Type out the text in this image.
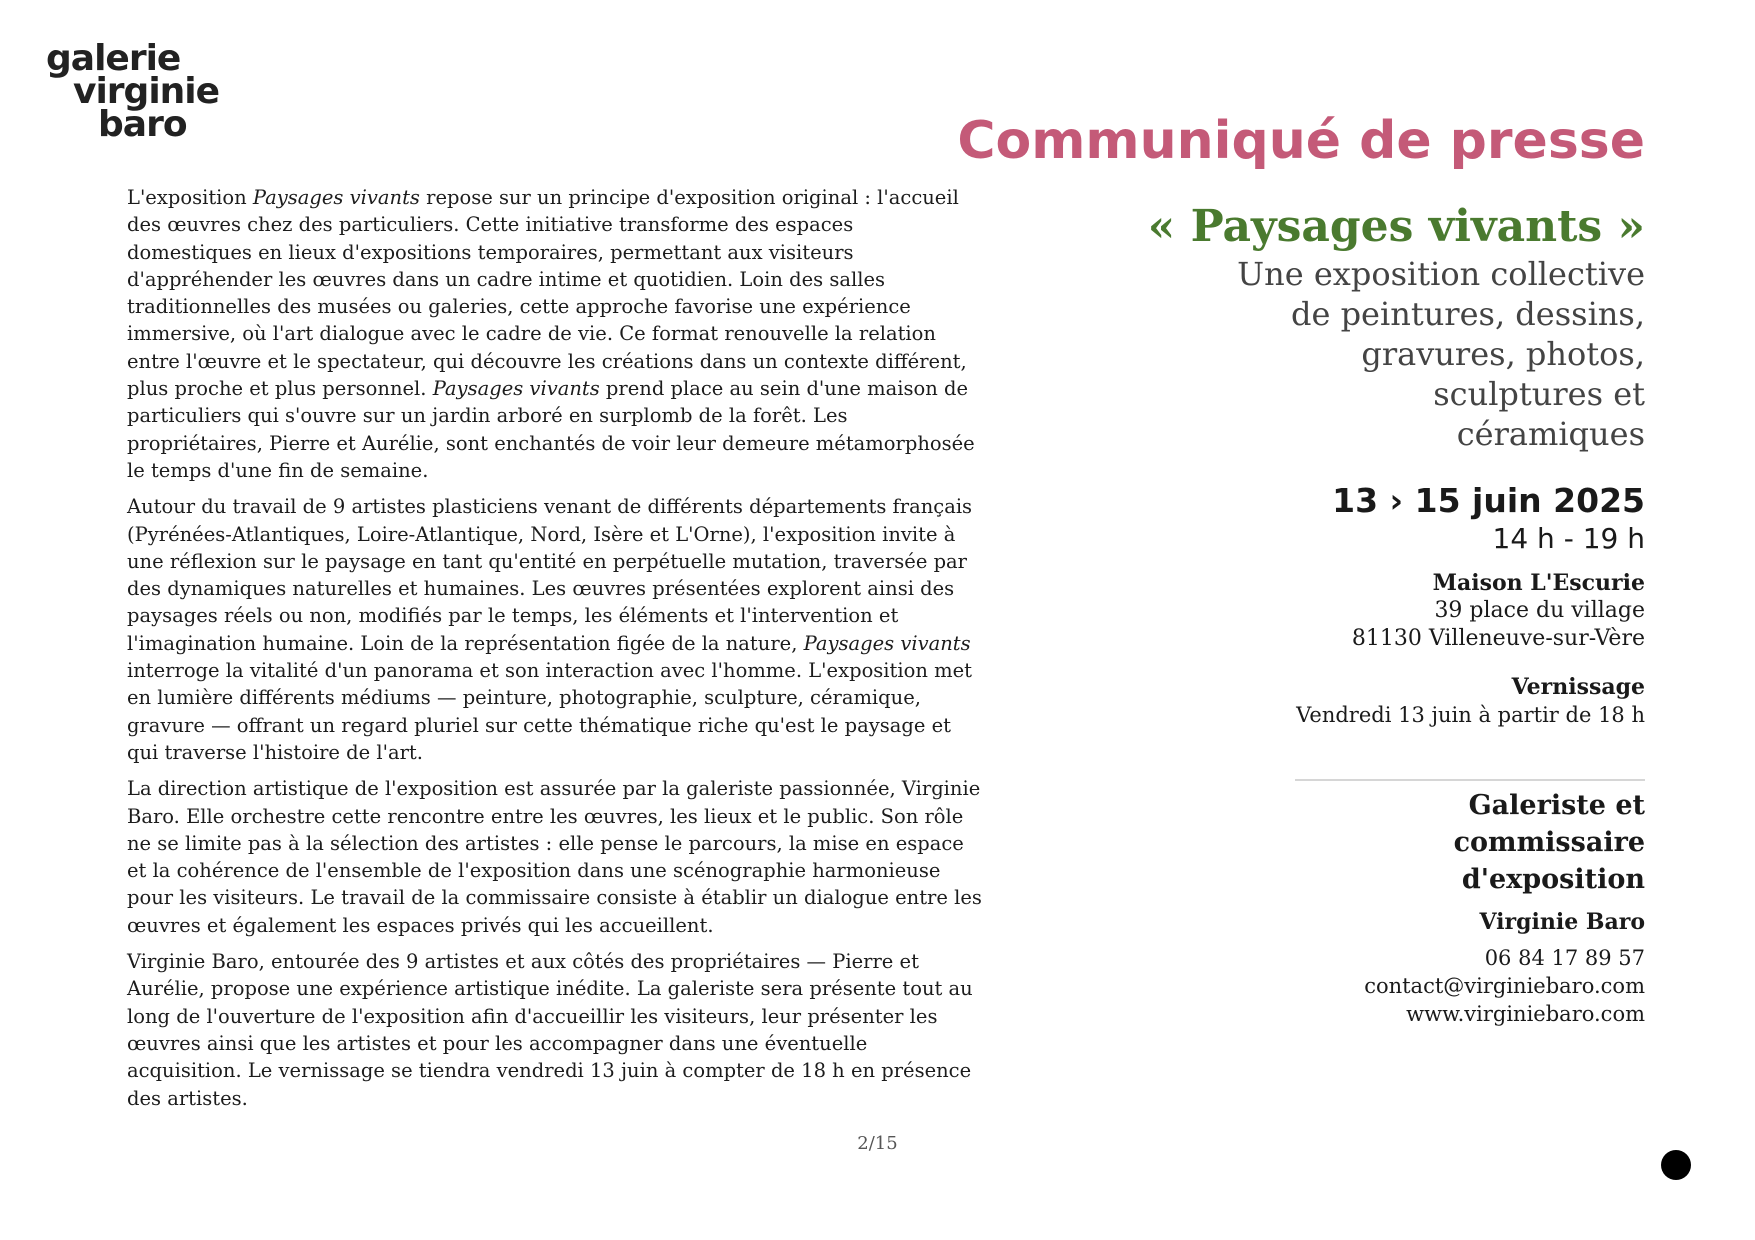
galerie
virginie
baro

L'exposition Paysages vivants repose sur un principe d'exposition original : l'accueil des œuvres chez des particuliers. Cette initiative transforme des espaces domestiques en lieux d'expositions temporaires, permettant aux visiteurs d'appréhender les œuvres dans un cadre intime et quotidien. Loin des salles traditionnelles des musées ou galeries, cette approche favorise une expérience immersive, où l'art dialogue avec le cadre de vie. Ce format renouvelle la relation entre l'œuvre et le spectateur, qui découvre les créations dans un contexte différent, plus proche et plus personnel. Paysages vivants prend place au sein d'une maison de particuliers qui s'ouvre sur un jardin arboré en surplomb de la forêt. Les propriétaires, Pierre et Aurélie, sont enchantés de voir leur demeure métamorphosée le temps d'une fin de semaine.

Autour du travail de 9 artistes plasticiens venant de différents départements français (Pyrénées-Atlantiques, Loire-Atlantique, Nord, Isère et L'Orne), l'exposition invite à une réflexion sur le paysage en tant qu'entité en perpétuelle mutation, traversée par des dynamiques naturelles et humaines. Les œuvres présentées explorent ainsi des paysages réels ou non, modifiés par le temps, les éléments et l'intervention et l'imagination humaine. Loin de la représentation figée de la nature, Paysages vivants interroge la vitalité d'un panorama et son interaction avec l'homme. L'exposition met en lumière différents médiums — peinture, photographie, sculpture, céramique, gravure — offrant un regard pluriel sur cette thématique riche qu'est le paysage et qui traverse l'histoire de l'art.

La direction artistique de l'exposition est assurée par la galeriste passionnée, Virginie Baro. Elle orchestre cette rencontre entre les œuvres, les lieux et le public. Son rôle ne se limite pas à la sélection des artistes : elle pense le parcours, la mise en espace et la cohérence de l'ensemble de l'exposition dans une scénographie harmonieuse pour les visiteurs. Le travail de la commissaire consiste à établir un dialogue entre les œuvres et également les espaces privés qui les accueillent.

Virginie Baro, entourée des 9 artistes et aux côtés des propriétaires — Pierre et Aurélie, propose une expérience artistique inédite. La galeriste sera présente tout au long de l'ouverture de l'exposition afin d'accueillir les visiteurs, leur présenter les œuvres ainsi que les artistes et pour les accompagner dans une éventuelle acquisition. Le vernissage se tiendra vendredi 13 juin à compter de 18 h en présence des artistes.

Communiqué de presse
« Paysages vivants »
Une exposition collective de peintures, dessins, gravures, photos, sculptures et céramiques
13 › 15 juin 2025
14 h - 19 h
Maison L'Escurie
39 place du village
81130 Villeneuve-sur-Vère
Vernissage
Vendredi 13 juin à partir de 18 h
Galeriste et commissaire d'exposition
Virginie Baro
06 84 17 89 57
contact@virginiebaro.com
www.virginiebaro.com
2/15
